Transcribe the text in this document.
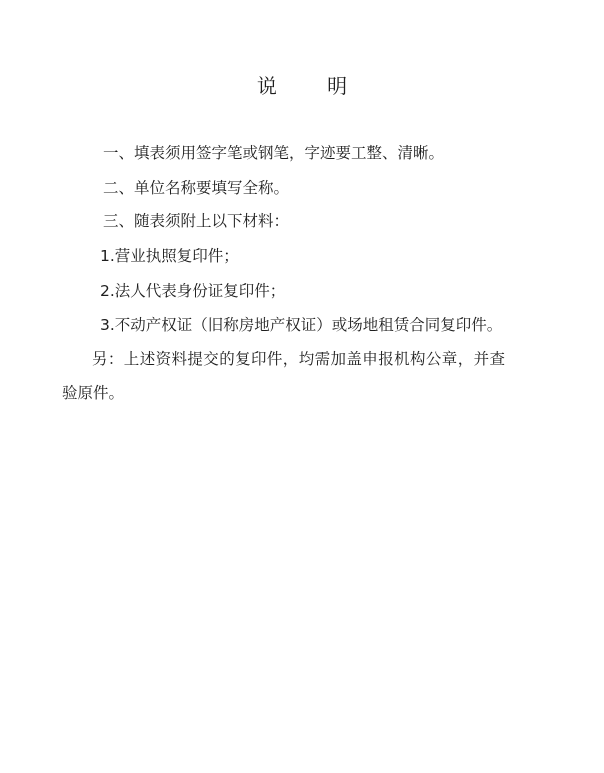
说 明
一、填表须用签字笔或钢笔，字迹要工整、清晰。
二、单位名称要填写全称。
三、随表须附上以下材料：
1.营业执照复印件；
2.法人代表身份证复印件；
3.不动产权证（旧称房地产权证）或场地租赁合同复印件。
另：上述资料提交的复印件，均需加盖申报机构公章，并查
验原件。
